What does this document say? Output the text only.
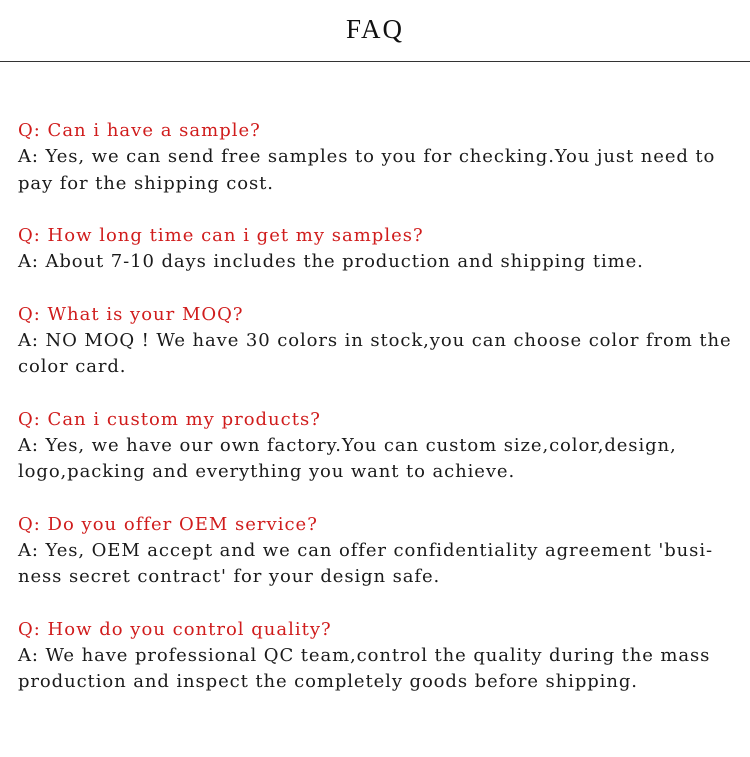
FAQ
Q: Can i have a sample?
A: Yes, we can send free samples to you for checking.You just need to
pay for the shipping cost.
Q: How long time can i get my samples?
A: About 7-10 days includes the production and shipping time.
Q: What is your MOQ?
A: NO MOQ ! We have 30 colors in stock,you can choose color from the
color card.
Q: Can i custom my products?
A: Yes, we have our own factory.You can custom size,color,design,
logo,packing and everything you want to achieve.
Q: Do you offer OEM service?
A: Yes, OEM accept and we can offer confidentiality agreement 'busi-
ness secret contract' for your design safe.
Q: How do you control quality?
A: We have professional QC team,control the quality during the mass
production and inspect the completely goods before shipping.
